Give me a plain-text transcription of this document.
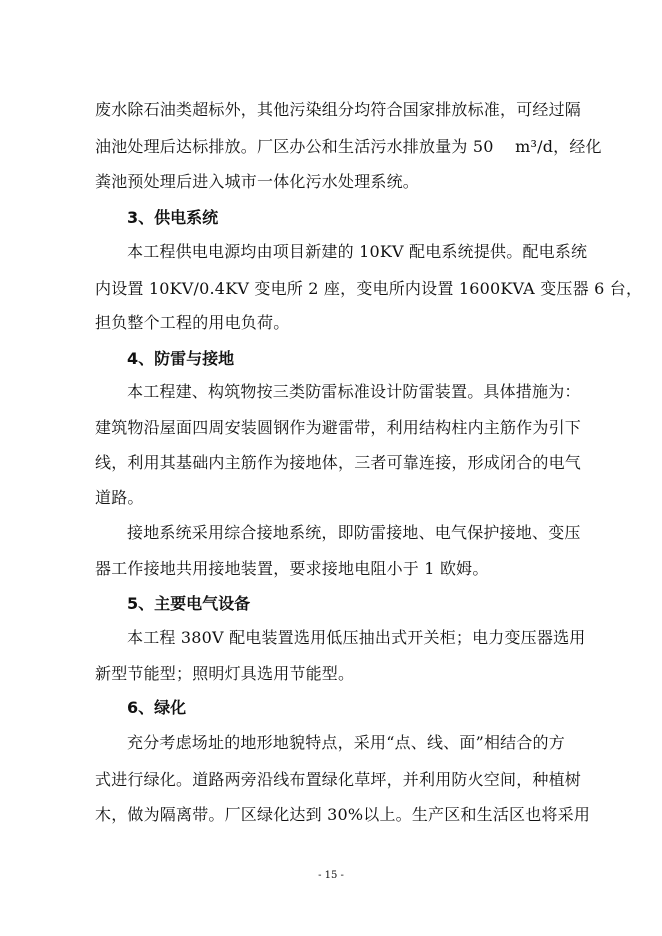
废水除石油类超标外，其他污染组分均符合国家排放标准，可经过隔
油池处理后达标排放。厂区办公和生活污水排放量为 50　 m³/d，经化
粪池预处理后进入城市一体化污水处理系统。
3、供电系统
本工程供电电源均由项目新建的 10KV 配电系统提供。配电系统
内设置 10KV/0.4KV 变电所 2 座，变电所内设置 1600KVA 变压器 6 台，
担负整个工程的用电负荷。
4、防雷与接地
本工程建、构筑物按三类防雷标准设计防雷装置。具体措施为：
建筑物沿屋面四周安装圆钢作为避雷带，利用结构柱内主筋作为引下
线，利用其基础内主筋作为接地体，三者可靠连接，形成闭合的电气
道路。
接地系统采用综合接地系统，即防雷接地、电气保护接地、变压
器工作接地共用接地装置，要求接地电阻小于 1 欧姆。
5、主要电气设备
本工程 380V 配电装置选用低压抽出式开关柜；电力变压器选用
新型节能型；照明灯具选用节能型。
6、绿化
充分考虑场址的地形地貌特点，采用“点、线、面”相结合的方
式进行绿化。道路两旁沿线布置绿化草坪，并利用防火空间，种植树
木，做为隔离带。厂区绿化达到 30%以上。生产区和生活区也将采用
- 15 -
